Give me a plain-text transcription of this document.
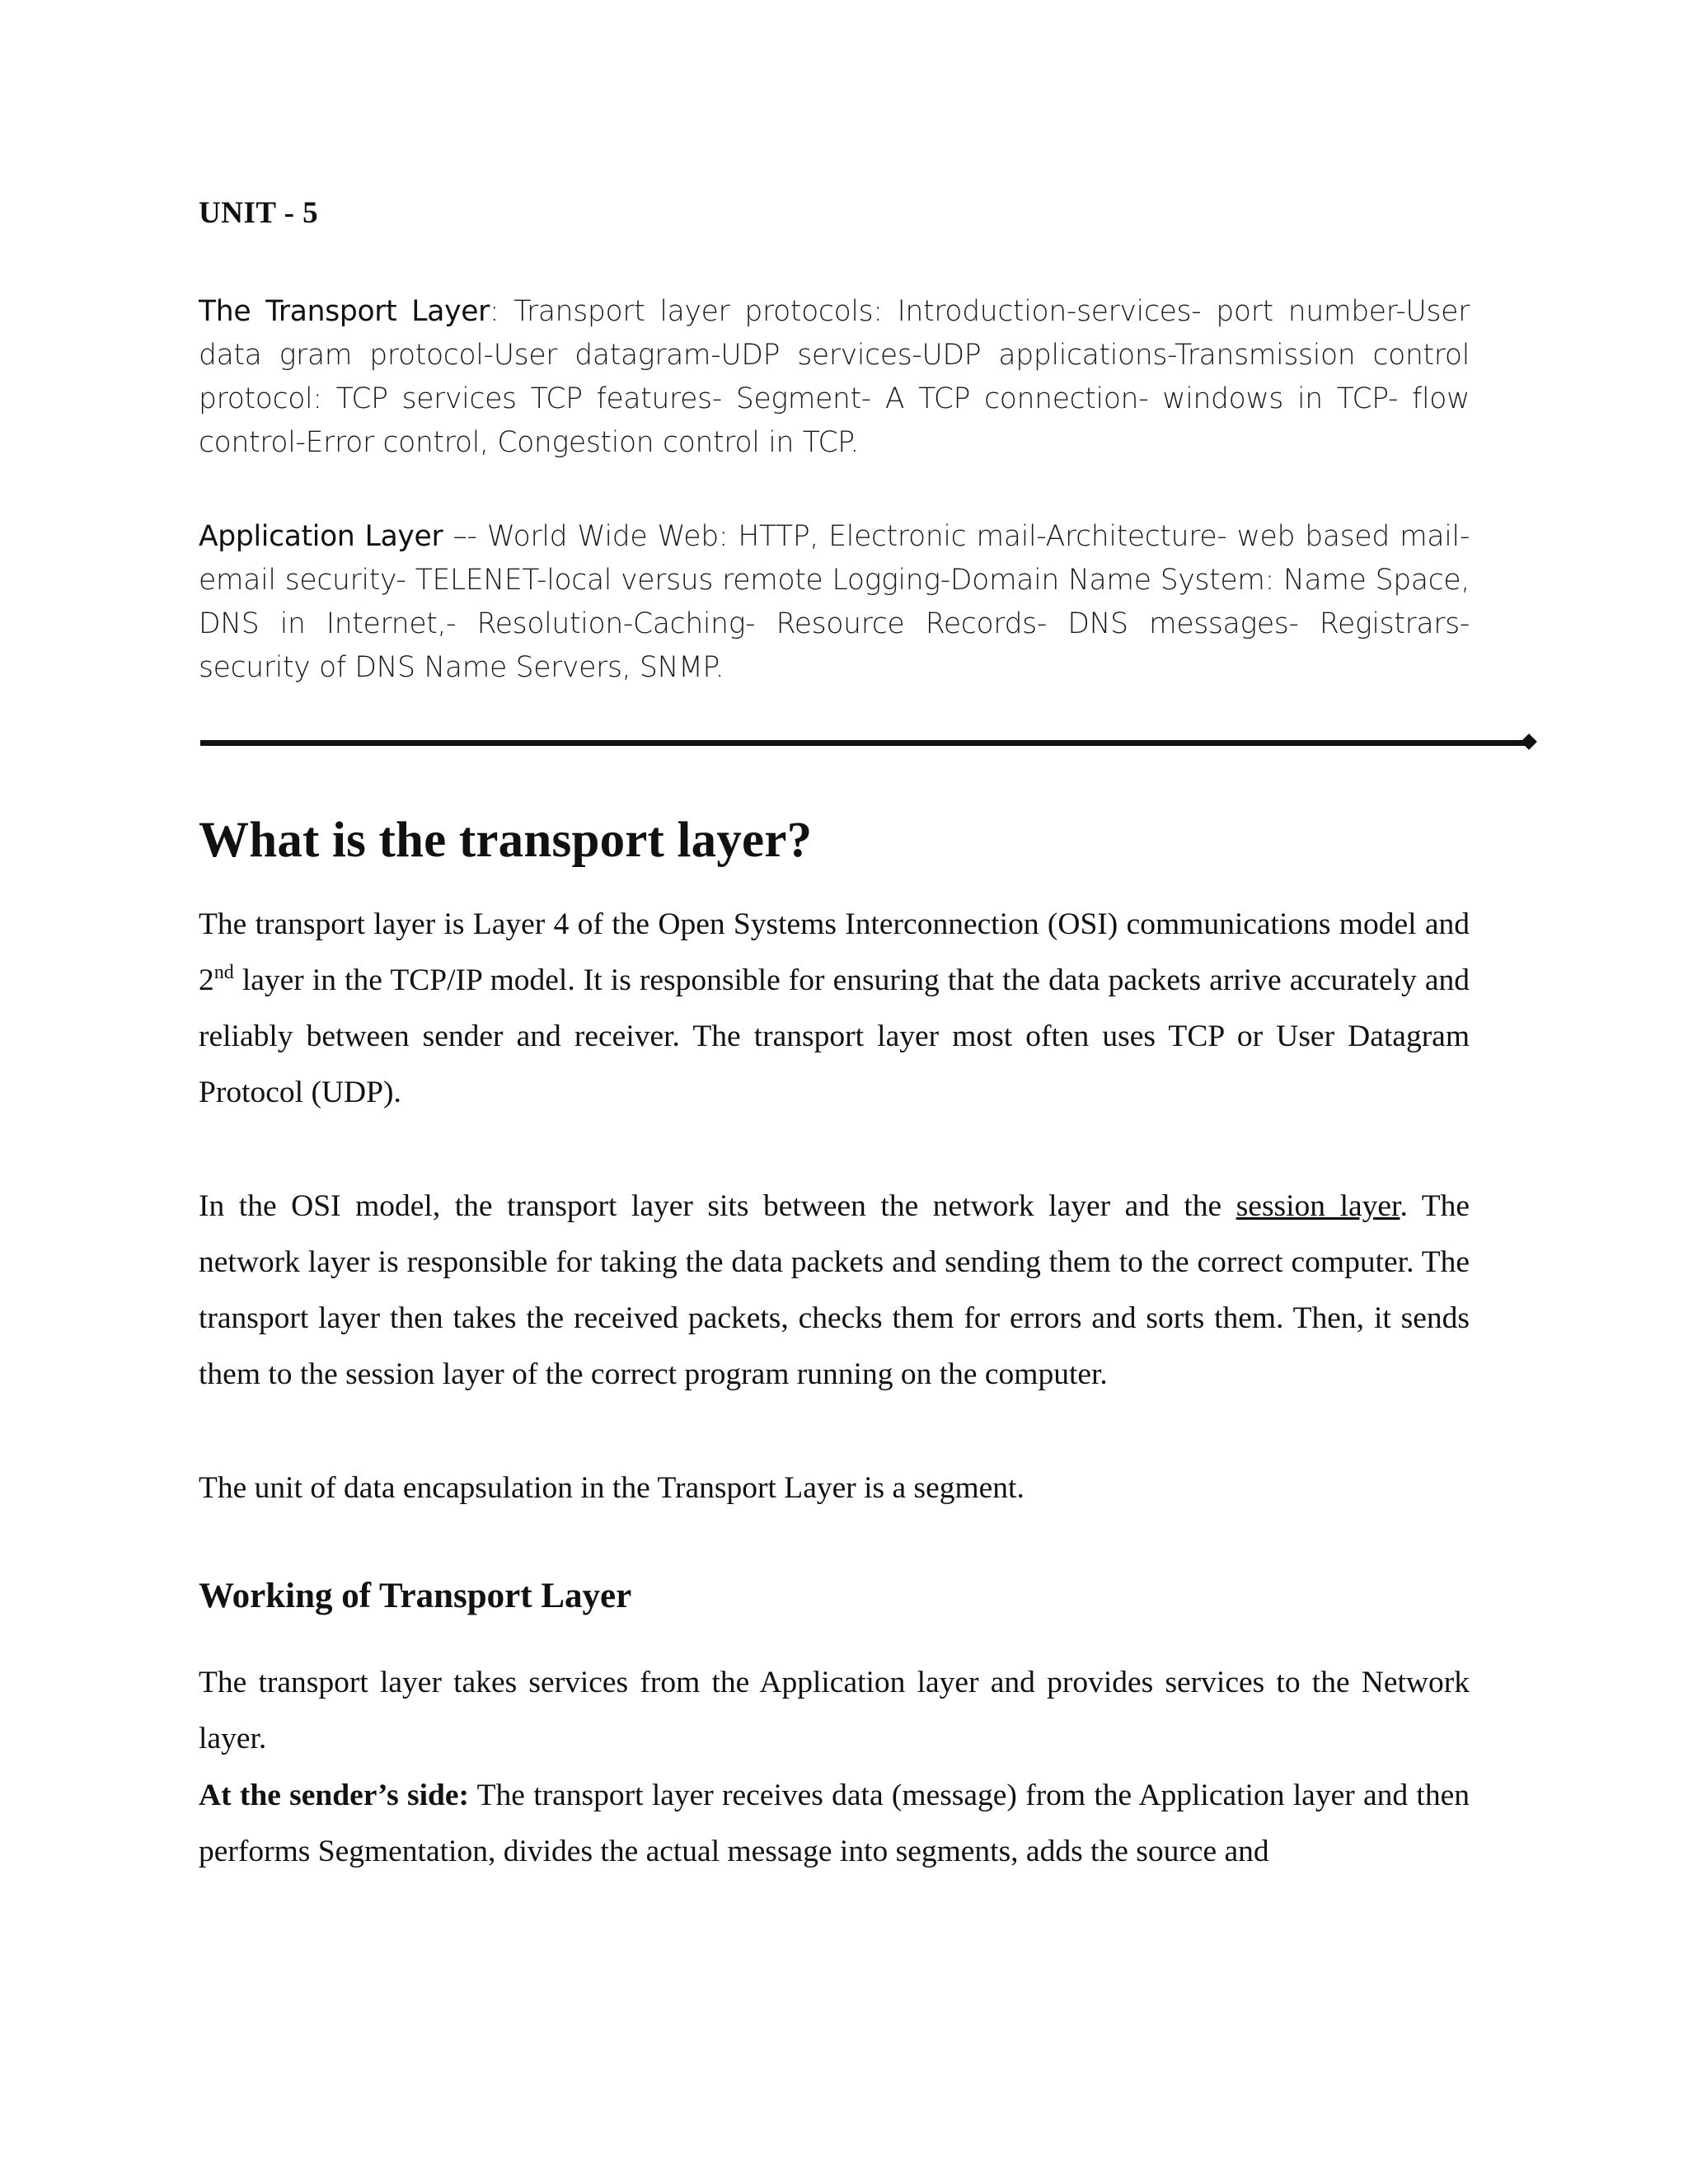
UNIT - 5
The Transport Layer: Transport layer protocols: Introduction-services- port number-User data gram protocol-User datagram-UDP services-UDP applications-Transmission control protocol: TCP services TCP features- Segment- A TCP connection- windows in TCP- flow control-Error control, Congestion control in TCP.
Application Layer –- World Wide Web: HTTP, Electronic mail-Architecture- web based mail-email security- TELENET-local versus remote Logging-Domain Name System: Name Space, DNS in Internet,- Resolution-Caching- Resource Records- DNS messages- Registrars-security of DNS Name Servers, SNMP.
What is the transport layer?
The transport layer is Layer 4 of the Open Systems Interconnection (OSI) communications model and 2nd layer in the TCP/IP model. It is responsible for ensuring that the data packets arrive accurately and reliably between sender and receiver. The transport layer most often uses TCP or User Datagram Protocol (UDP).
In the OSI model, the transport layer sits between the network layer and the session layer. The network layer is responsible for taking the data packets and sending them to the correct computer. The transport layer then takes the received packets, checks them for errors and sorts them. Then, it sends them to the session layer of the correct program running on the computer.
The unit of data encapsulation in the Transport Layer is a segment.
Working of Transport Layer
The transport layer takes services from the Application layer and provides services to the Network layer.
At the sender’s side: The transport layer receives data (message) from the Application layer and then performs Segmentation, divides the actual message into segments, adds the source and
